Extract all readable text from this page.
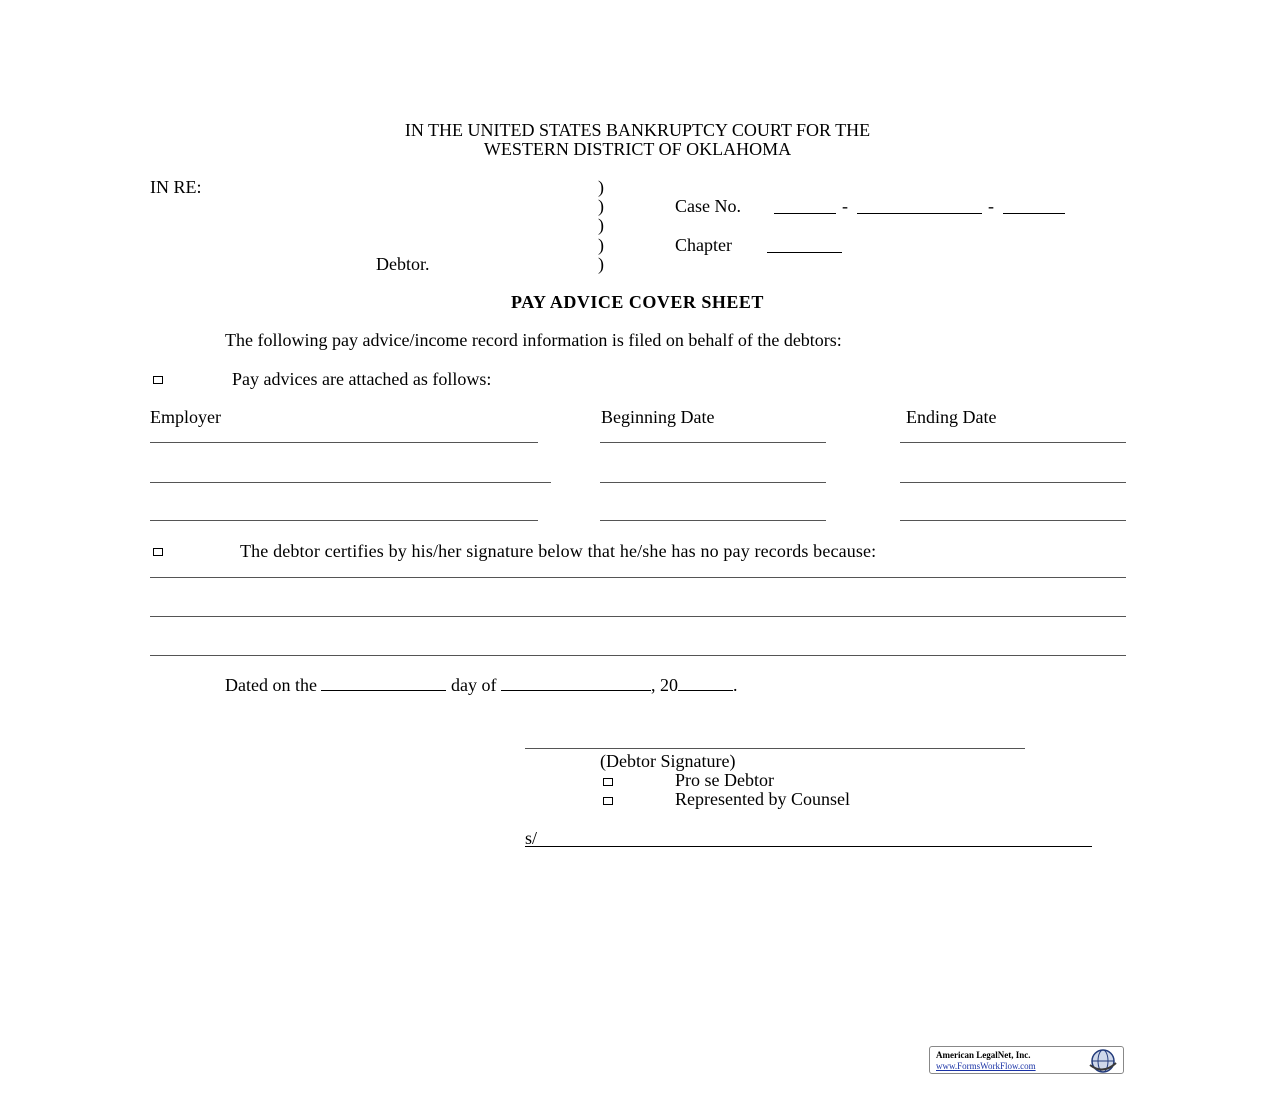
IN THE UNITED STATES BANKRUPTCY COURT FOR THE
WESTERN DISTRICT OF OKLAHOMA
IN RE:	)
)
)
)
)
Case No.	-	-
Chapter
Debtor.
PAY ADVICE COVER SHEET
The following pay advice/income record information is filed on behalf of the debtors:
Pay advices are attached as follows:
Employer	Beginning Date	Ending Date
The debtor certifies by his/her signature below that he/she has no pay records because:
Dated on the	day of	, 20	.
(Debtor Signature)
Pro se Debtor
Represented by Counsel
s/
American LegalNet, Inc.
www.FormsWorkFlow.com
